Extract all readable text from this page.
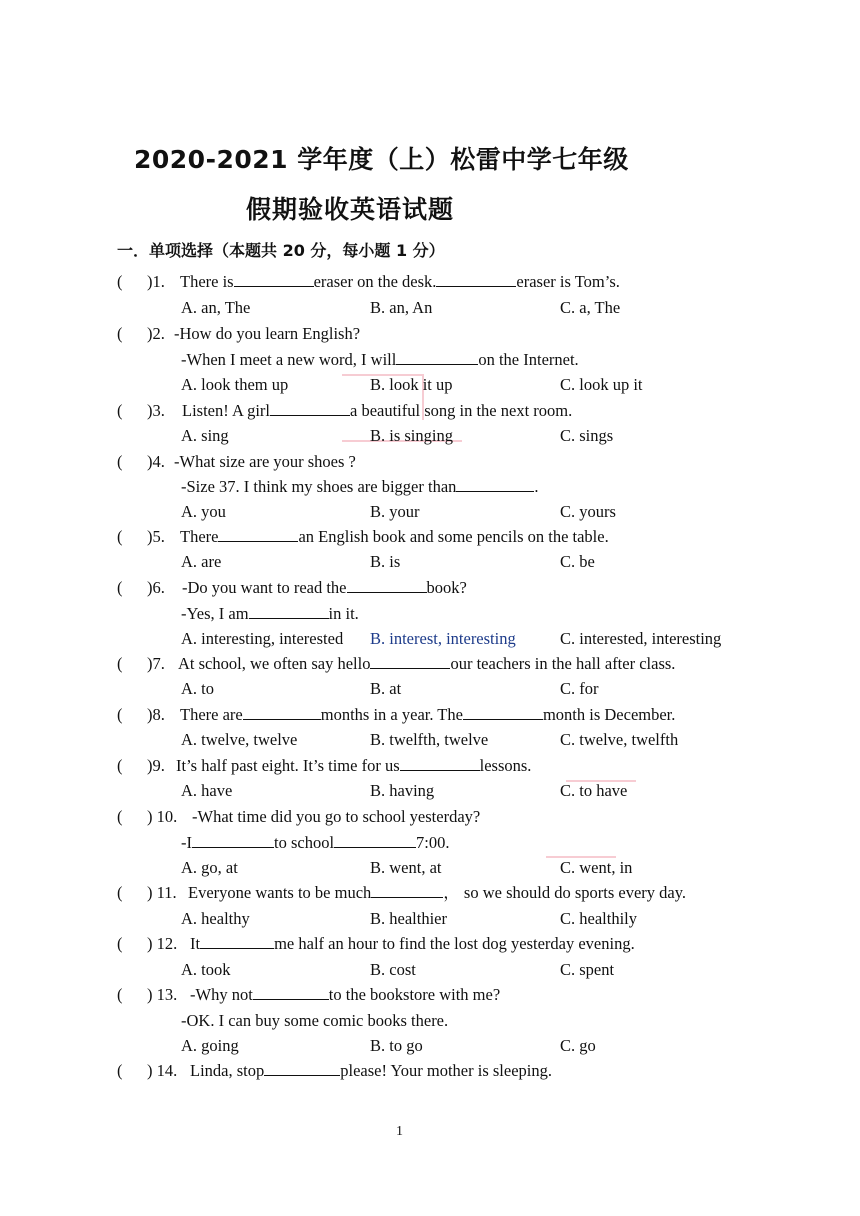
2020-2021 学年度（上）松雷中学七年级
假期验收英语试题
一．单项选择（本题共 20 分，每小题 1 分）
( )1. There is	eraser on the desk.	eraser is Tom’s.
A. an, The	B. an, An	C. a, The
( )2. -How do you learn English?
-When I meet a new word, I will	on the Internet.
A. look them up	B. look it up	C. look up it
( )3. Listen! A girl	a beautiful song in the next room.
A. sing	B. is singing	C. sings
( )4. -What size are your shoes ?
-Size 37. I think my shoes are bigger than	.
A. you	B. your	C. yours
( )5. There	an English book and some pencils on the table.
A. are	B. is	C. be
( )6. -Do you want to read the	book?
-Yes, I am	in it.
A. interesting, interested B. interest, interesting	C. interested, interesting
( )7. At school, we often say hello	our teachers in the hall after class.
A. to	B. at	C. for
( )8. There are	months in a year. The	month is December.
A. twelve, twelve	B. twelfth, twelve	C. twelve, twelfth
( )9. It’s half past eight. It’s time for us	lessons.
A. have	B. having	C. to have
( ) 10. -What time did you go to school yesterday?
-I	to school	7:00.
A. go, at	B. went, at	C. went, in
( ) 11. Everyone wants to be much	， so we should do sports every day.
A. healthy	B. healthier	C. healthily
( ) 12. It	me half an hour to find the lost dog yesterday evening.
A. took	B. cost	C. spent
( ) 13. -Why not	to the bookstore with me?
-OK. I can buy some comic books there.
A. going	B. to go	C. go
( ) 14. Linda, stop	please! Your mother is sleeping.
1
